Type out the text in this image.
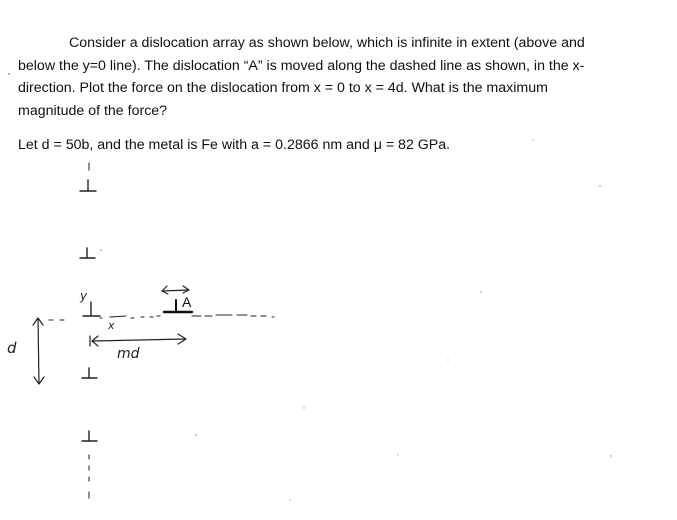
Consider a dislocation array as shown below, which is infinite in extent (above and

below the y=0 line). The dislocation “A” is moved along the dashed line as shown, in the x-

direction. Plot the force on the dislocation from x = 0 to x = 4d. What is the maximum

magnitude of the force?

Let d = 50b, and the metal is Fe with a = 0.2866 nm and μ = 82 GPa.
y
x
A
md
d
